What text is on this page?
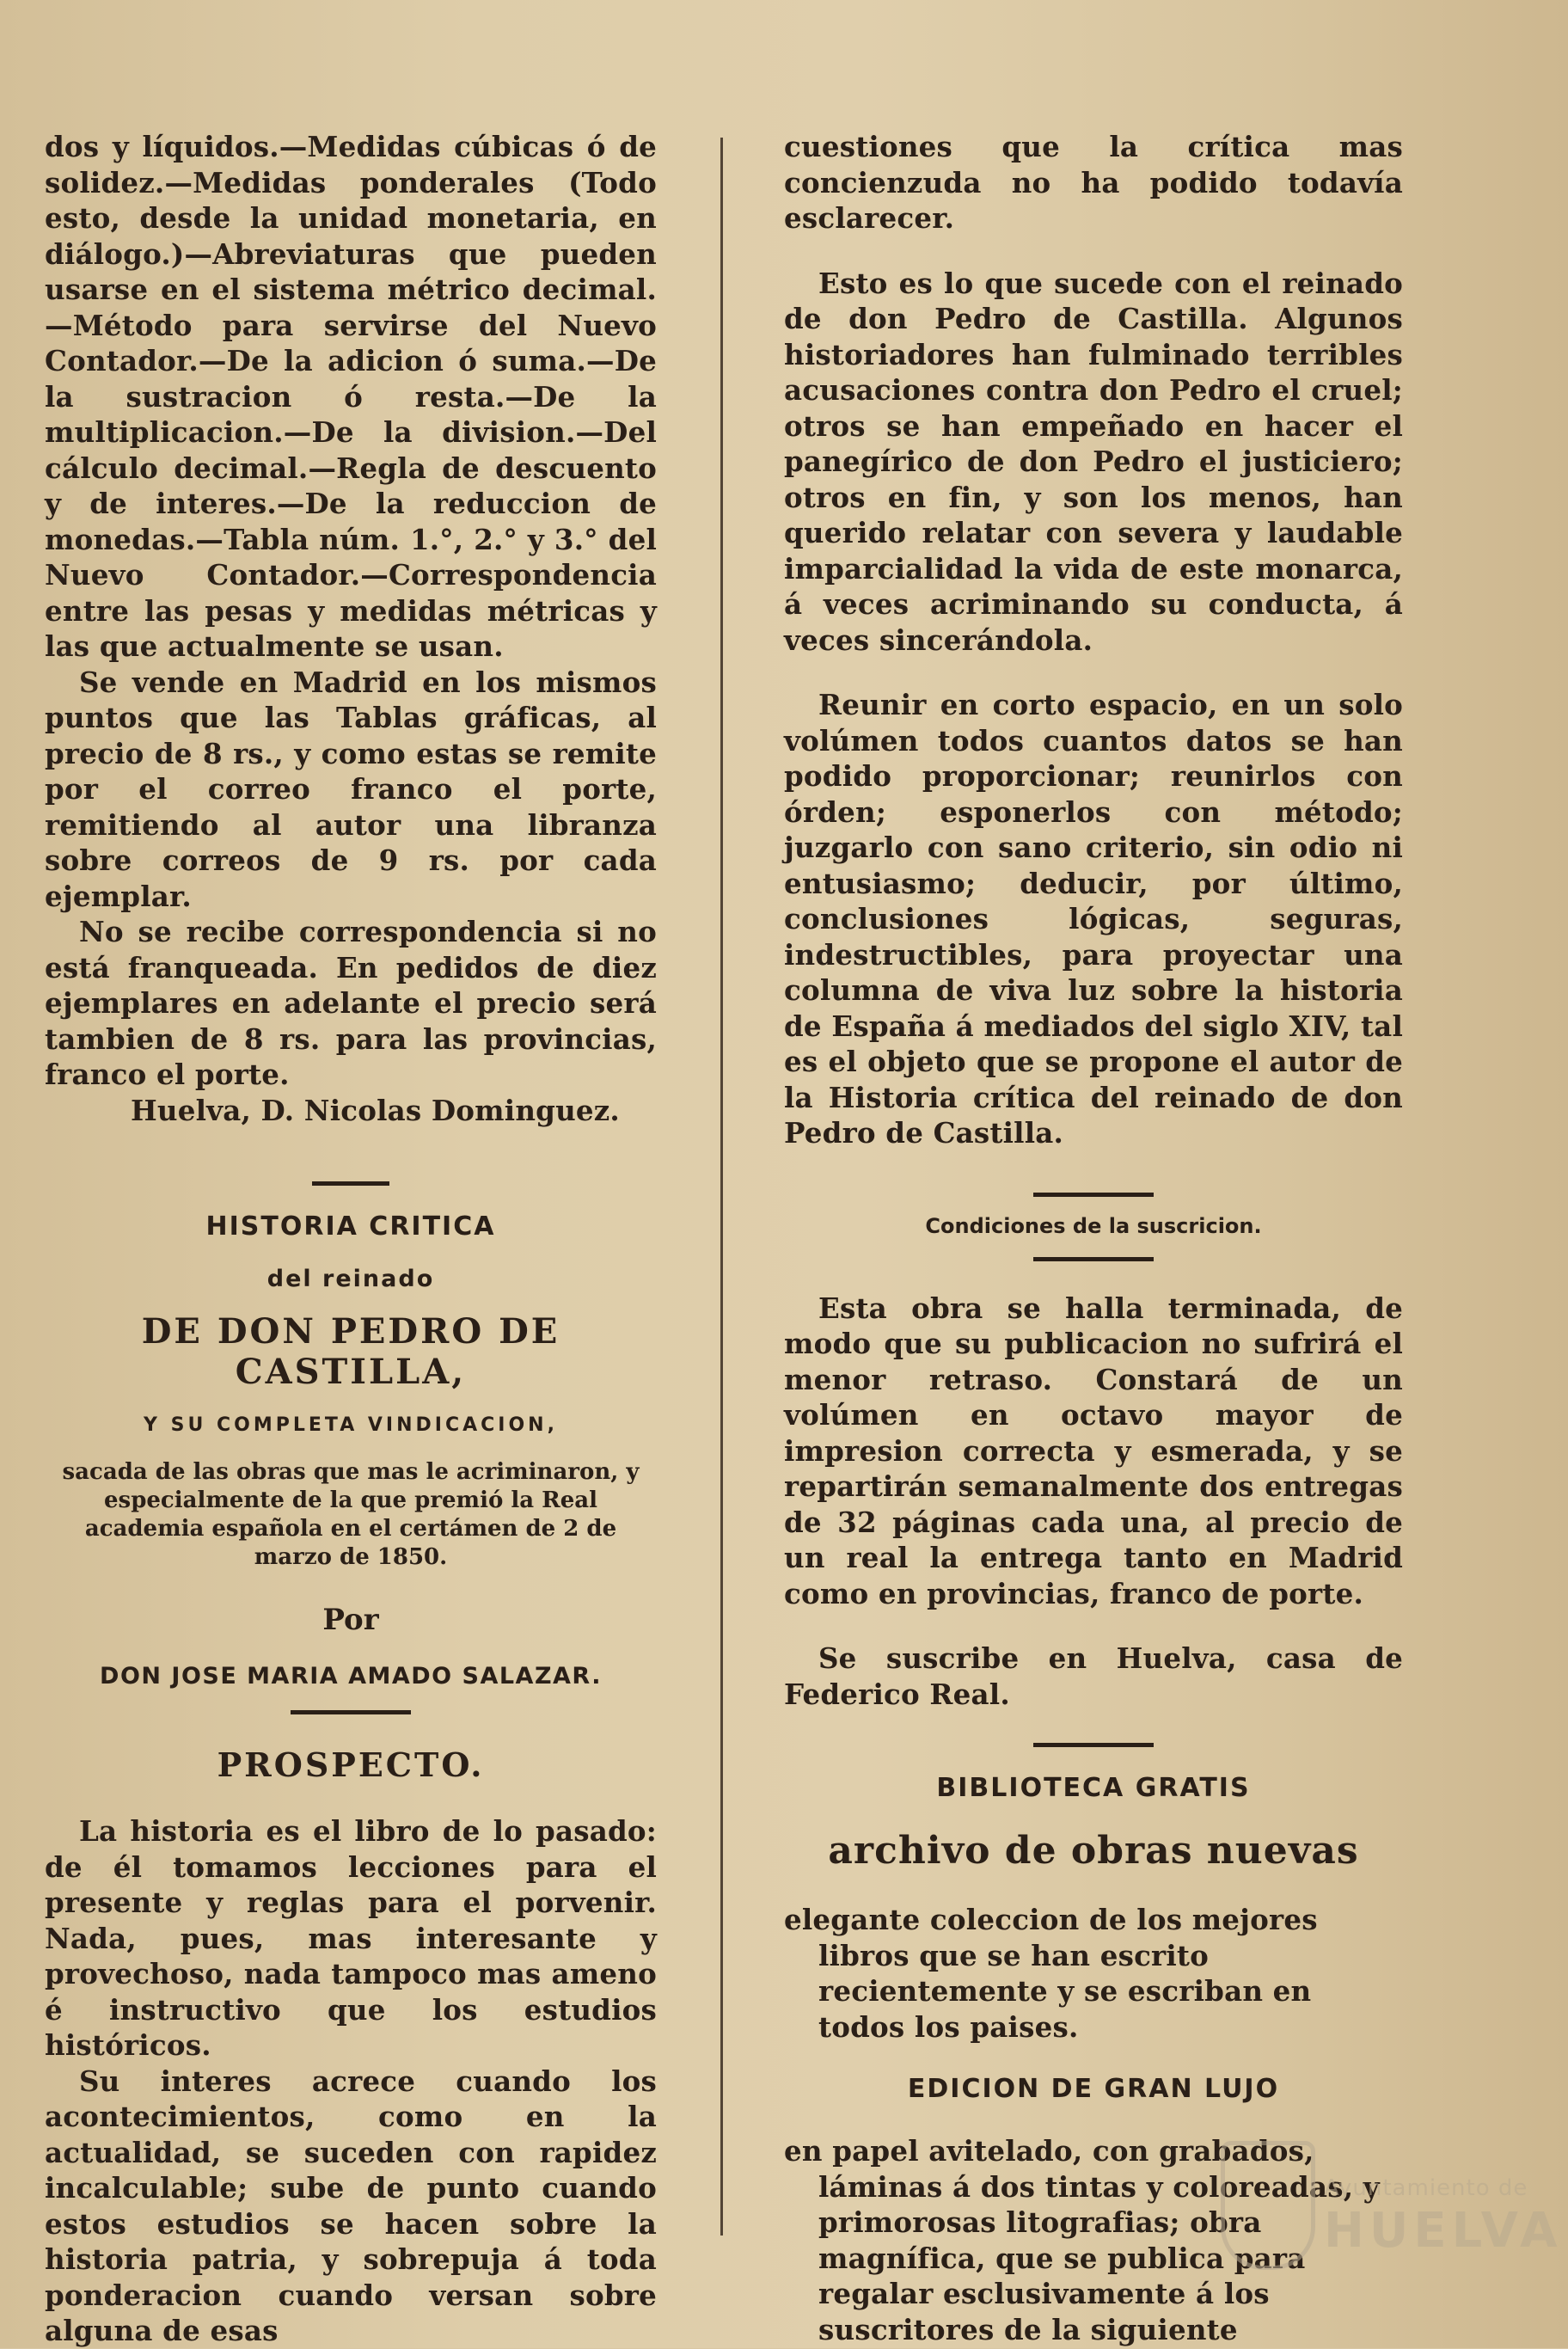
dos y líquidos.—Medidas cúbicas ó de solidez.—Medidas ponderales (Todo esto, desde la unidad monetaria, en diálogo.)—Abreviaturas que pueden usarse en el sistema métrico decimal.—Método para servirse del Nuevo Contador.—De la adicion ó suma.—De la sustracion ó resta.—De la multiplicacion.—De la division.—Del cálculo decimal.—Regla de descuento y de interes.—De la reduccion de monedas.—Tabla núm. 1.°, 2.° y 3.° del Nuevo Contador.—Correspondencia entre las pesas y medidas métricas y las que actualmente se usan.

Se vende en Madrid en los mismos puntos que las Tablas gráficas, al precio de 8 rs., y como estas se remite por el correo franco el porte, remitiendo al autor una libranza sobre correos de 9 rs. por cada ejemplar.

No se recibe correspondencia si no está franqueada. En pedidos de diez ejemplares en adelante el precio será tambien de 8 rs. para las provincias, franco el porte.

Huelva, D. Nicolas Dominguez.

HISTORIA CRITICA
del reinado
DE DON PEDRO DE CASTILLA,
Y SU COMPLETA VINDICACION,
sacada de las obras que mas le acriminaron, y especialmente de la que premió la Real academia española en el certámen de 2 de marzo de 1850.
Por
DON JOSE MARIA AMADO SALAZAR.
PROSPECTO.

La historia es el libro de lo pasado: de él tomamos lecciones para el presente y reglas para el porvenir. Nada, pues, mas interesante y provechoso, nada tampoco mas ameno é instructivo que los estudios históricos.

Su interes acrece cuando los acontecimientos, como en la actualidad, se suceden con rapidez incalculable; sube de punto cuando estos estudios se hacen sobre la historia patria, y sobrepuja á toda ponderacion cuando versan sobre alguna de esas

cuestiones que la crítica mas concienzuda no ha podido todavía esclarecer.

Esto es lo que sucede con el reinado de don Pedro de Castilla. Algunos historiadores han fulminado terribles acusaciones contra don Pedro el cruel; otros se han empeñado en hacer el panegírico de don Pedro el justiciero; otros en fin, y son los menos, han querido relatar con severa y laudable imparcialidad la vida de este monarca, á veces acriminando su conducta, á veces sincerándola.

Reunir en corto espacio, en un solo volúmen todos cuantos datos se han podido proporcionar; reunirlos con órden; esponerlos con método; juzgarlo con sano criterio, sin odio ni entusiasmo; deducir, por último, conclusiones lógicas, seguras, indestructibles, para proyectar una columna de viva luz sobre la historia de España á mediados del siglo XIV, tal es el objeto que se propone el autor de la Historia crítica del reinado de don Pedro de Castilla.

Condiciones de la suscricion.

Esta obra se halla terminada, de modo que su publicacion no sufrirá el menor retraso. Constará de un volúmen en octavo mayor de impresion correcta y esmerada, y se repartirán semanalmente dos entregas de 32 páginas cada una, al precio de un real la entrega tanto en Madrid como en provincias, franco de porte.

Se suscribe en Huelva, casa de Federico Real.

BIBLIOTECA GRATIS
archivo de obras nuevas

elegante coleccion de los mejores libros que se han escrito recientemente y se escriban en todos los paises.

EDICION DE GRAN LUJO

en papel avitelado, con grabados, láminas á dos tintas y coloreadas, y primorosas litografias; obra magnífica, que se publica para regalar esclusivamente á los suscritores de la siguiente

Ayuntamiento de
HUELVA
